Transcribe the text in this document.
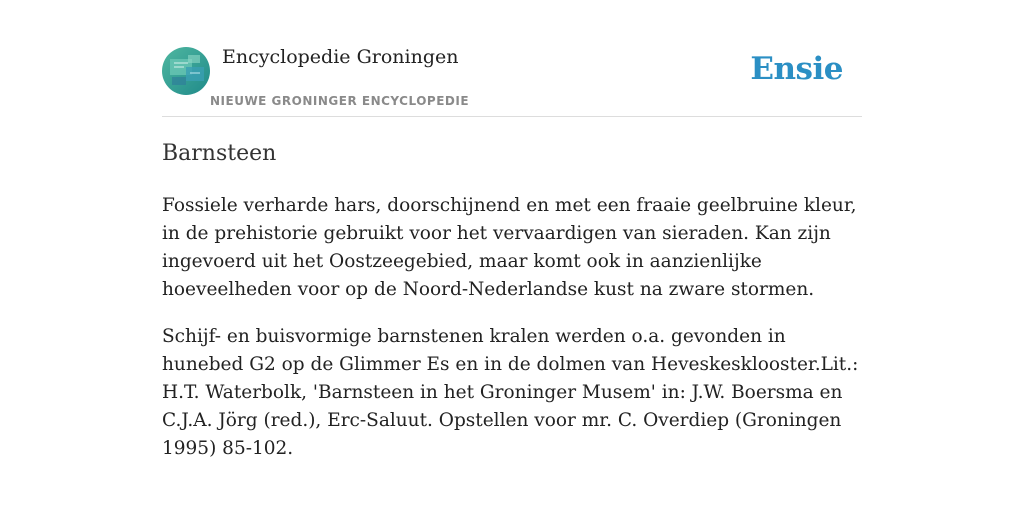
Encyclopedie Groningen
NIEUWE GRONINGER ENCYCLOPEDIE
Ensie
Barnsteen
Fossiele verharde hars, doorschijnend en met een fraaie geelbruine kleur, in de prehistorie gebruikt voor het vervaardigen van sieraden. Kan zijn ingevoerd uit het Oostzeegebied, maar komt ook in aanzienlijke hoeveelheden voor op de Noord-Nederlandse kust na zware stormen.
Schijf- en buisvormige barnstenen kralen werden o.a. gevonden in hunebed G2 op de Glimmer Es en in de dolmen van Heveskesklooster.Lit.: H.T. Waterbolk, 'Barnsteen in het Groninger Musem' in: J.W. Boersma en C.J.A. Jörg (red.), Erc-Saluut. Opstellen voor mr. C. Overdiep (Groningen 1995) 85-102.
